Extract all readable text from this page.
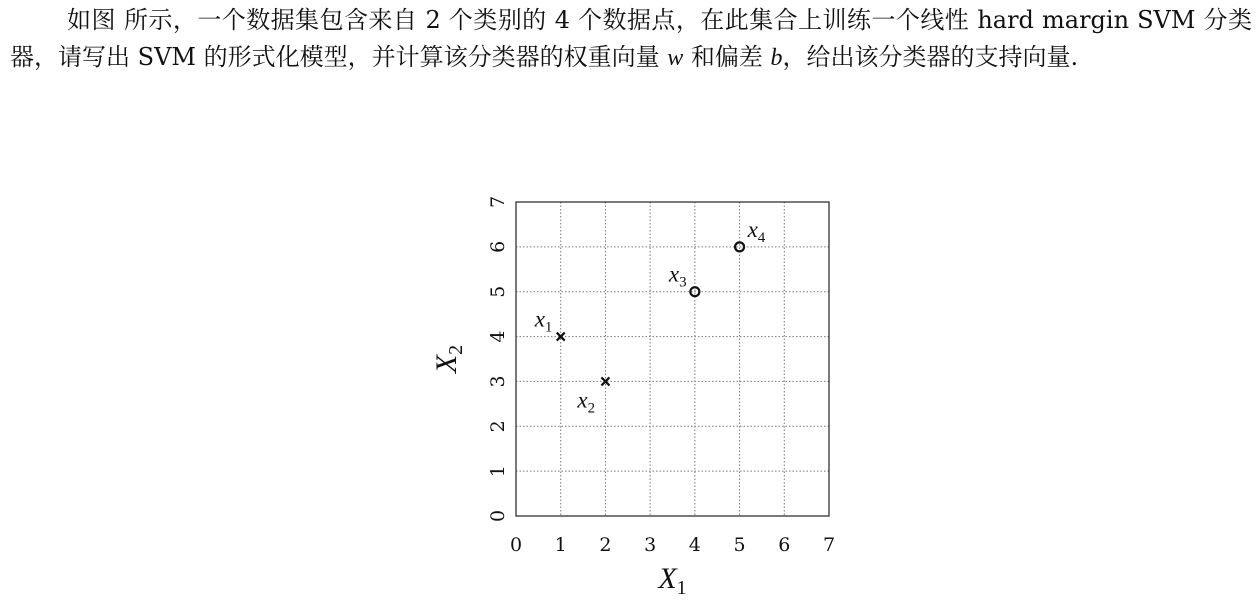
如图 所示，一个数据集包含来自 2 个类别的 4 个数据点，在此集合上训练一个线性 hard margin SVM 分类器，请写出 SVM 的形式化模型，并计算该分类器的权重向量 w 和偏差 b，给出该分类器的支持向量.
0 1 2 3 4 5 6 7
0
1
2
3
4
5
6
7
$x_1$
$x_2$
$x_3$
$x_4$
$X_1$
$X_2$
